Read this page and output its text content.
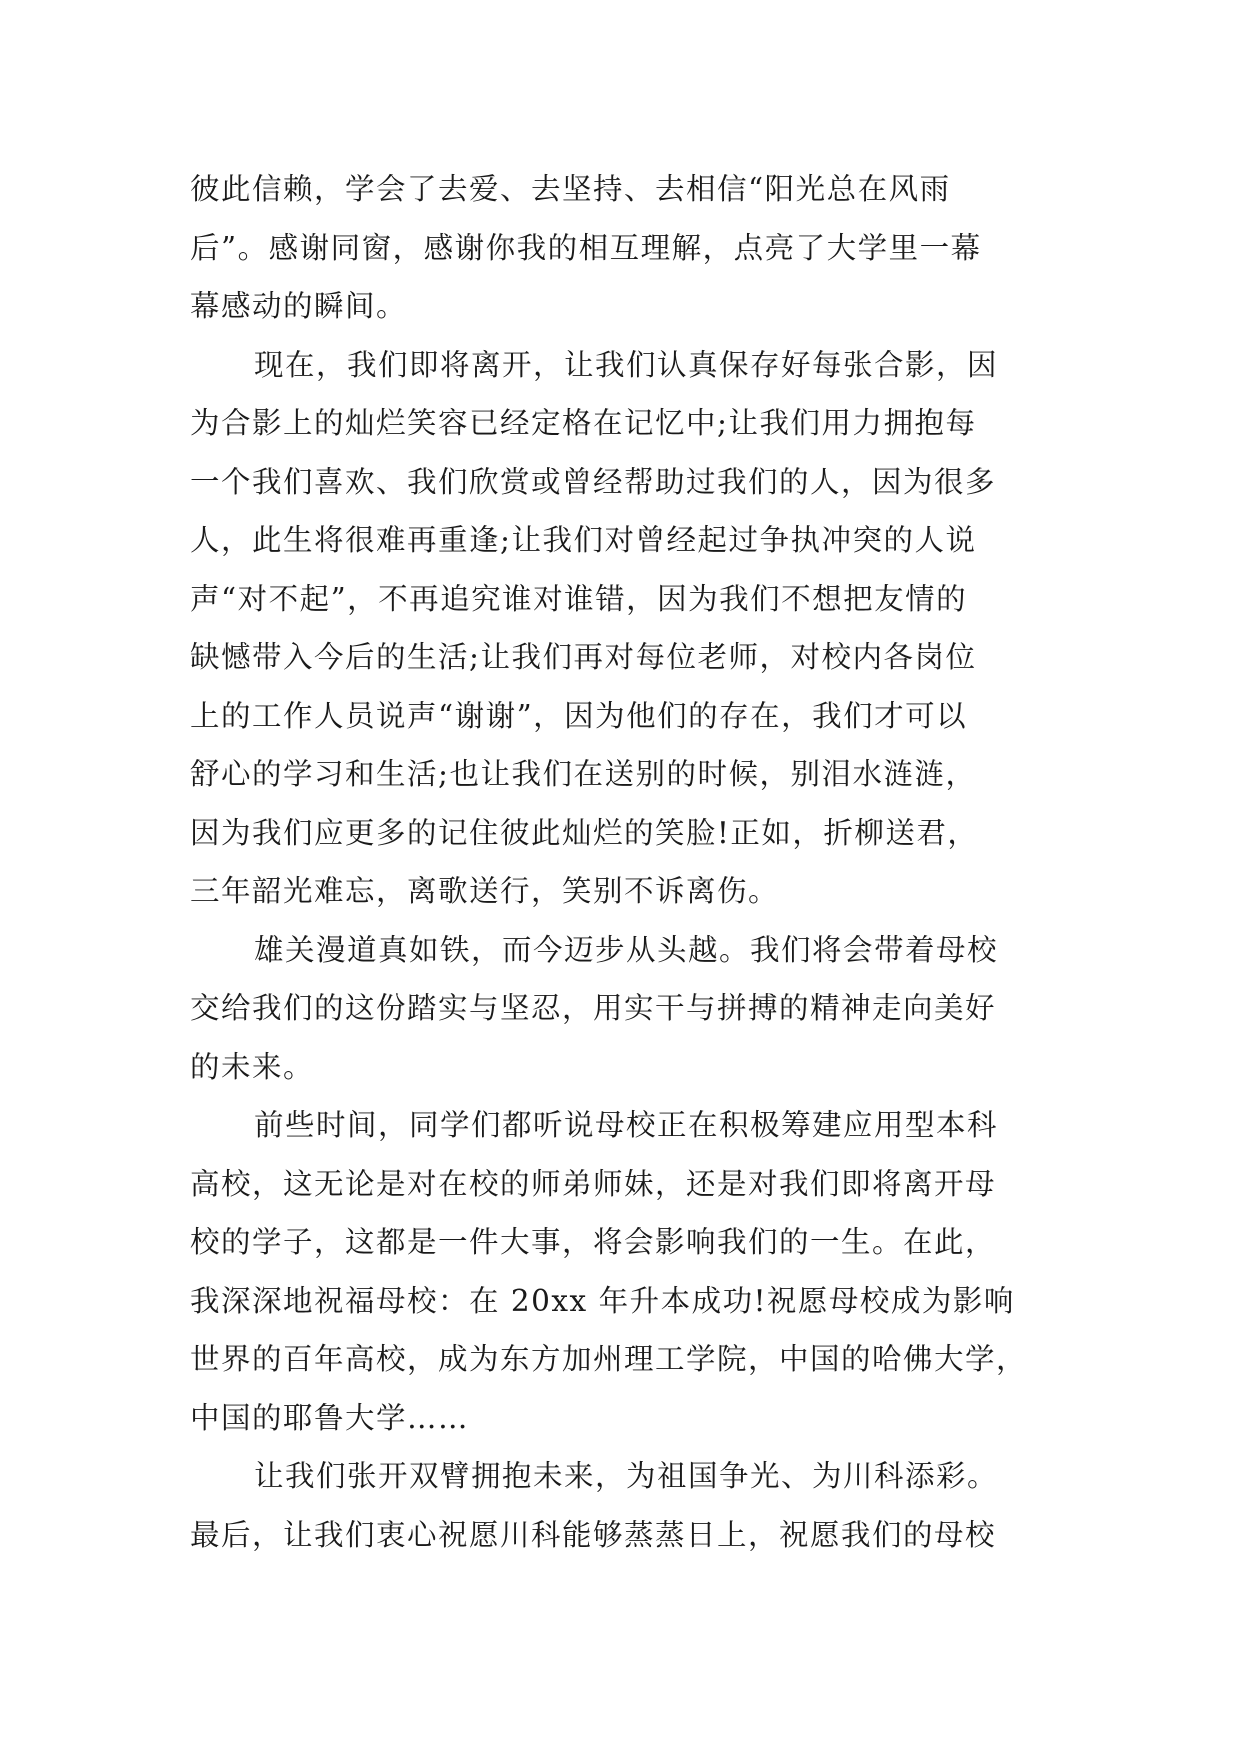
彼此信赖，学会了去爱、去坚持、去相信“阳光总在风雨
后”。感谢同窗，感谢你我的相互理解，点亮了大学里一幕
幕感动的瞬间。
现在，我们即将离开，让我们认真保存好每张合影，因
为合影上的灿烂笑容已经定格在记忆中;让我们用力拥抱每
一个我们喜欢、我们欣赏或曾经帮助过我们的人，因为很多
人，此生将很难再重逢;让我们对曾经起过争执冲突的人说
声“对不起”，不再追究谁对谁错，因为我们不想把友情的
缺憾带入今后的生活;让我们再对每位老师，对校内各岗位
上的工作人员说声“谢谢”，因为他们的存在，我们才可以
舒心的学习和生活;也让我们在送别的时候，别泪水涟涟，
因为我们应更多的记住彼此灿烂的笑脸!正如，折柳送君，
三年韶光难忘，离歌送行，笑别不诉离伤。
雄关漫道真如铁，而今迈步从头越。我们将会带着母校
交给我们的这份踏实与坚忍，用实干与拼搏的精神走向美好
的未来。
前些时间，同学们都听说母校正在积极筹建应用型本科
高校，这无论是对在校的师弟师妹，还是对我们即将离开母
校的学子，这都是一件大事，将会影响我们的一生。在此，
我深深地祝福母校：在 20xx 年升本成功!祝愿母校成为影响
世界的百年高校，成为东方加州理工学院，中国的哈佛大学，
中国的耶鲁大学……
让我们张开双臂拥抱未来，为祖国争光、为川科添彩。
最后，让我们衷心祝愿川科能够蒸蒸日上，祝愿我们的母校
